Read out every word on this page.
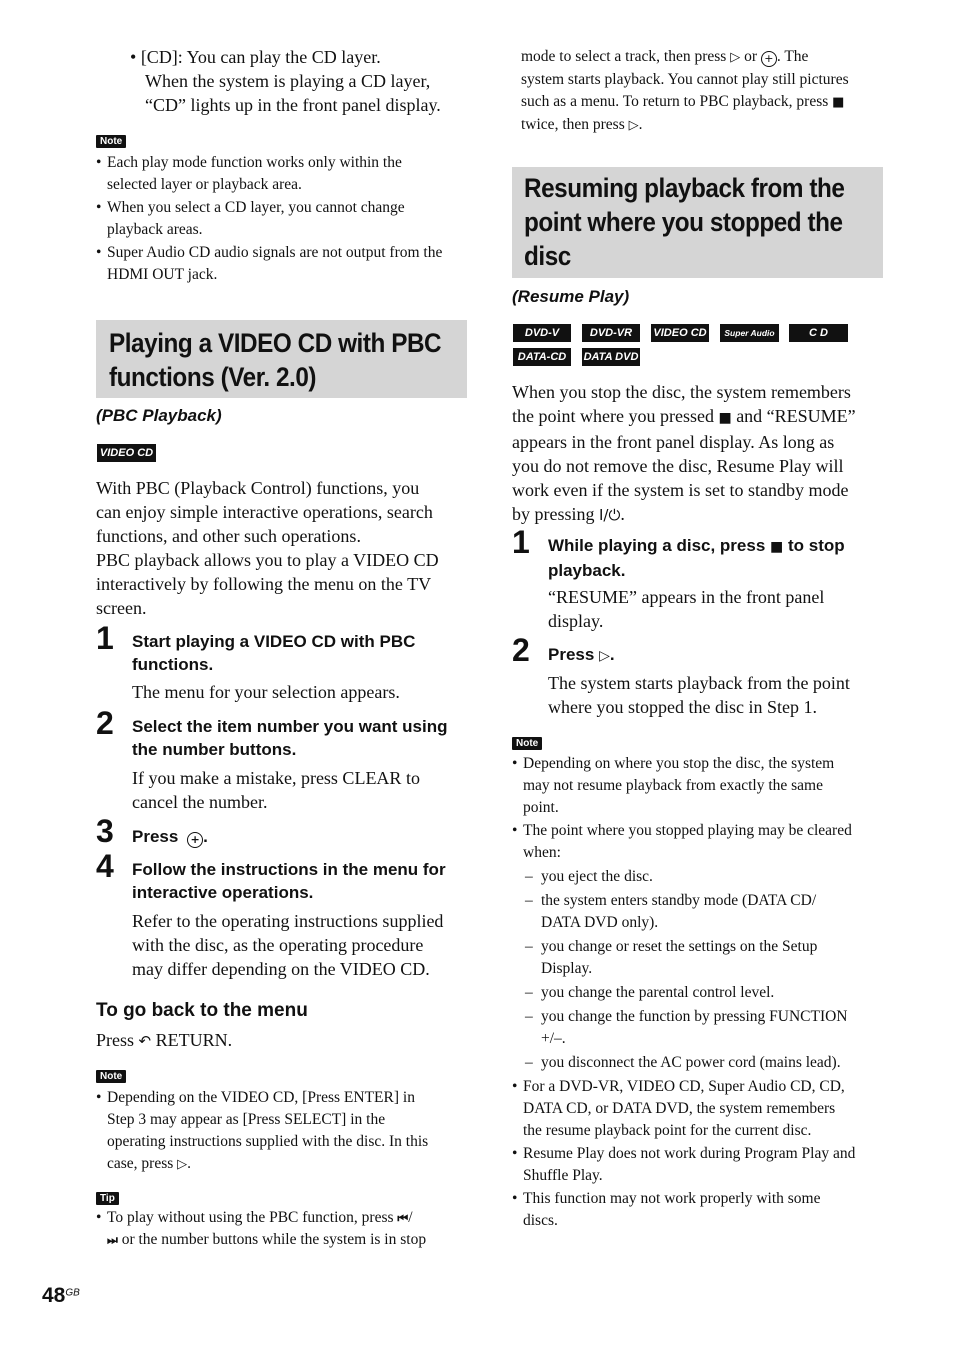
• [CD]: You can play the CD layer.
When the system is playing a CD layer,
“CD” lights up in the front panel display.
Note
• Each play mode function works only within the
selected layer or playback area.
• When you select a CD layer, you cannot change
playback areas.
• Super Audio CD audio signals are not output from the
HDMI OUT jack.
Playing a VIDEO CD with PBC
functions (Ver. 2.0)
(PBC Playback)
VIDEO CD
With PBC (Playback Control) functions, you
can enjoy simple interactive operations, search
functions, and other such operations.
PBC playback allows you to play a VIDEO CD
interactively by following the menu on the TV
screen.
1 Start playing a VIDEO CD with PBC
functions.
The menu for your selection appears.
2 Select the item number you want using
the number buttons.
If you make a mistake, press CLEAR to
cancel the number.
3 Press + .
4 Follow the instructions in the menu for
interactive operations.
Refer to the operating instructions supplied
with the disc, as the operating procedure
may differ depending on the VIDEO CD.
To go back to the menu
Press ↶ RETURN.
Note
• Depending on the VIDEO CD, [Press ENTER] in
Step 3 may appear as [Press SELECT] in the
operating instructions supplied with the disc. In this
case, press ▷.
Tip
• To play without using the PBC function, press ⏮/
⏭ or the number buttons while the system is in stop
mode to select a track, then press ▷ or + . The
system starts playback. You cannot play still pictures
such as a menu. To return to PBC playback, press ■
twice, then press ▷.
Resuming playback from the
point where you stopped the
disc
(Resume Play)
DVD-V	DVD-VR	VIDEO CD	Super Audio CD
C D
DATA-CD	DATA DVD
When you stop the disc, the system remembers
the point where you pressed ■ and “RESUME”
appears in the front panel display. As long as
you do not remove the disc, Resume Play will
work even if the system is set to standby mode
by pressing I/⏻.
1 While playing a disc, press ■ to stop
playback.
“RESUME” appears in the front panel
display.
2 Press ▷.
The system starts playback from the point
where you stopped the disc in Step 1.
Note
• Depending on where you stop the disc, the system
may not resume playback from exactly the same
point.
• The point where you stopped playing may be cleared
when:
– you eject the disc.
– the system enters standby mode (DATA CD/
DATA DVD only).
– you change or reset the settings on the Setup
Display.
– you change the parental control level.
– you change the function by pressing FUNCTION
+/–.
– you disconnect the AC power cord (mains lead).
• For a DVD-VR, VIDEO CD, Super Audio CD, CD,
DATA CD, or DATA DVD, the system remembers
the resume playback point for the current disc.
• Resume Play does not work during Program Play and
Shuffle Play.
• This function may not work properly with some
discs.
$48^{GB}$
